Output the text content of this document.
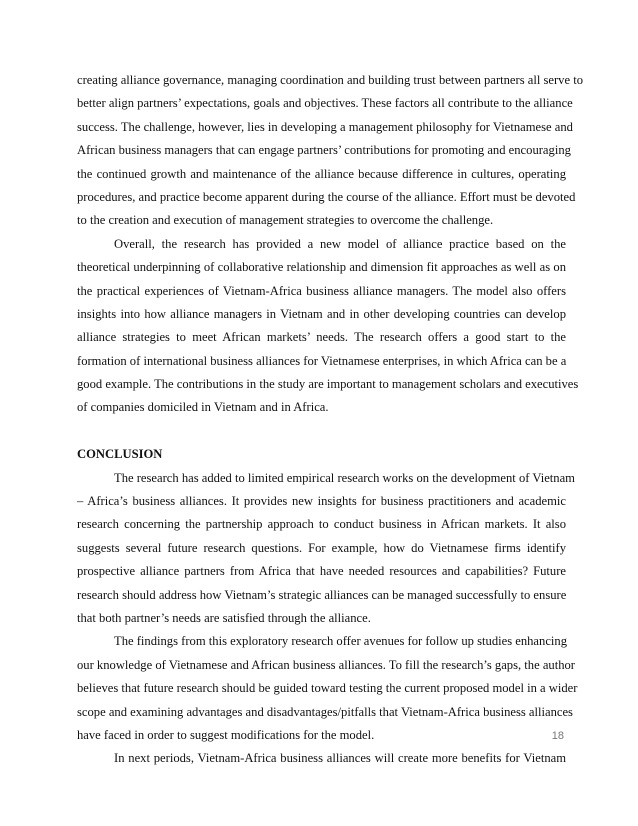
creating alliance governance, managing coordination and building trust between partners all serve to
better align partners’ expectations, goals and objectives. These factors all contribute to the alliance
success. The challenge, however, lies in developing a management philosophy for Vietnamese and
African business managers that can engage partners’ contributions for promoting and encouraging
the continued growth and maintenance of the alliance because difference in cultures, operating
procedures, and practice become apparent during the course of the alliance. Effort must be devoted
to the creation and execution of management strategies to overcome the challenge.
Overall, the research has provided a new model of alliance practice based on the
theoretical underpinning of collaborative relationship and dimension fit approaches as well as on
the practical experiences of Vietnam-Africa business alliance managers. The model also offers
insights into how alliance managers in Vietnam and in other developing countries can develop
alliance strategies to meet African markets’ needs. The research offers a good start to the
formation of international business alliances for Vietnamese enterprises, in which Africa can be a
good example. The contributions in the study are important to management scholars and executives
of companies domiciled in Vietnam and in Africa.
CONCLUSION
The research has added to limited empirical research works on the development of Vietnam
– Africa’s business alliances. It provides new insights for business practitioners and academic
research concerning the partnership approach to conduct business in African markets. It also
suggests several future research questions. For example, how do Vietnamese firms identify
prospective alliance partners from Africa that have needed resources and capabilities? Future
research should address how Vietnam’s strategic alliances can be managed successfully to ensure
that both partner’s needs are satisfied through the alliance.
The findings from this exploratory research offer avenues for follow up studies enhancing
our knowledge of Vietnamese and African business alliances. To fill the research’s gaps, the author
believes that future research should be guided toward testing the current proposed model in a wider
scope and examining advantages and disadvantages/pitfalls that Vietnam-Africa business alliances
have faced in order to suggest modifications for the model.
In next periods, Vietnam-Africa business alliances will create more benefits for Vietnam
18
